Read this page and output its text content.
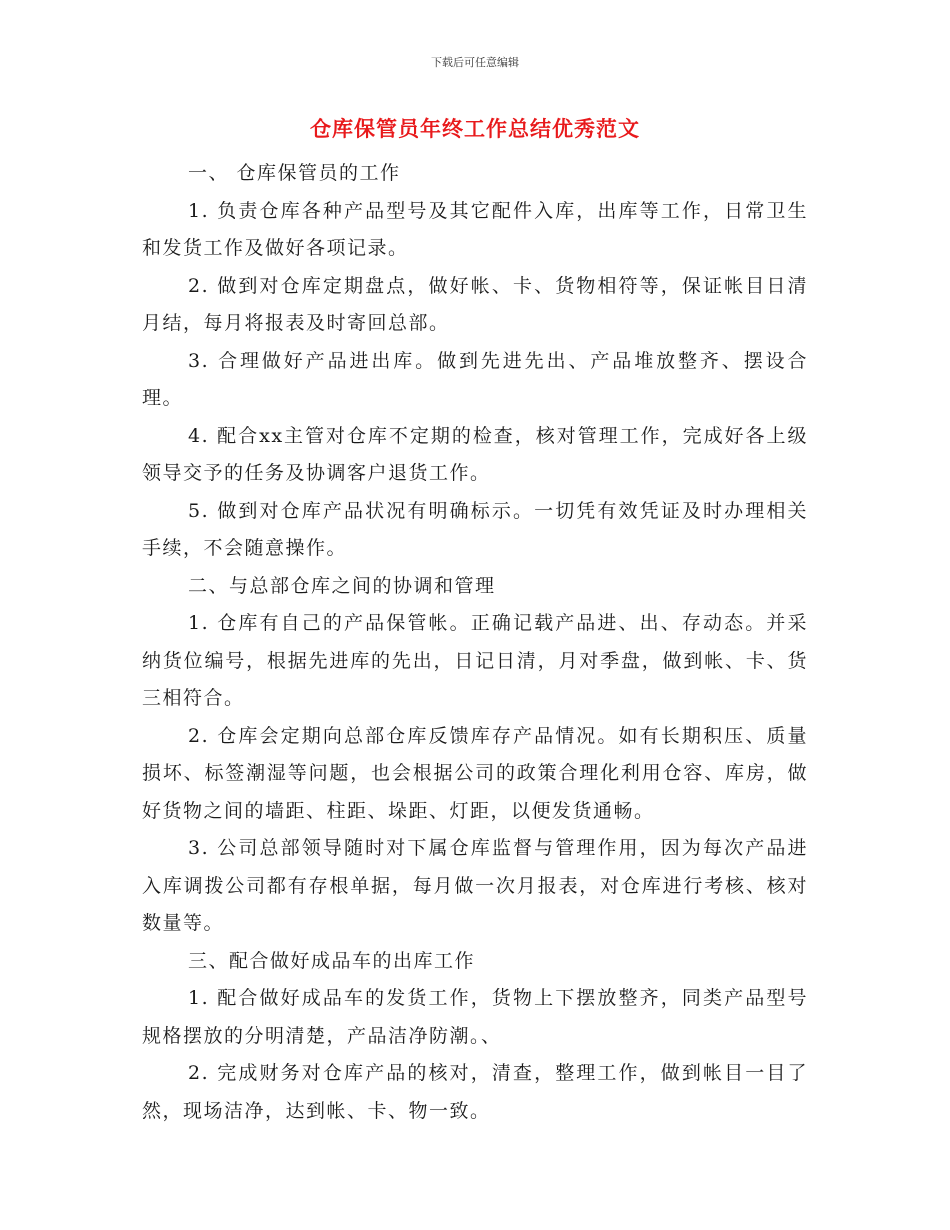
下载后可任意编辑
仓库保管员年终工作总结优秀范文

一、 仓库保管员的工作

1. 负责仓库各种产品型号及其它配件入库，出库等工作，日常卫生和发货工作及做好各项记录。

2. 做到对仓库定期盘点，做好帐、卡、货物相符等，保证帐目日清月结，每月将报表及时寄回总部。

3. 合理做好产品进出库。做到先进先出、产品堆放整齐、摆设合理。

4. 配合xx主管对仓库不定期的检查，核对管理工作，完成好各上级领导交予的任务及协调客户退货工作。

5. 做到对仓库产品状况有明确标示。一切凭有效凭证及时办理相关手续，不会随意操作。

二、与总部仓库之间的协调和管理

1. 仓库有自己的产品保管帐。正确记载产品进、出、存动态。并采纳货位编号，根据先进库的先出，日记日清，月对季盘，做到帐、卡、货三相符合。

2. 仓库会定期向总部仓库反馈库存产品情况。如有长期积压、质量损坏、标签潮湿等问题，也会根据公司的政策合理化利用仓容、库房，做好货物之间的墙距、柱距、垛距、灯距，以便发货通畅。

3. 公司总部领导随时对下属仓库监督与管理作用，因为每次产品进入库调拨公司都有存根单据，每月做一次月报表，对仓库进行考核、核对数量等。

三、配合做好成品车的出库工作

1. 配合做好成品车的发货工作，货物上下摆放整齐，同类产品型号规格摆放的分明清楚，产品洁净防潮。、

2. 完成财务对仓库产品的核对，清查，整理工作，做到帐目一目了然，现场洁净，达到帐、卡、物一致。
